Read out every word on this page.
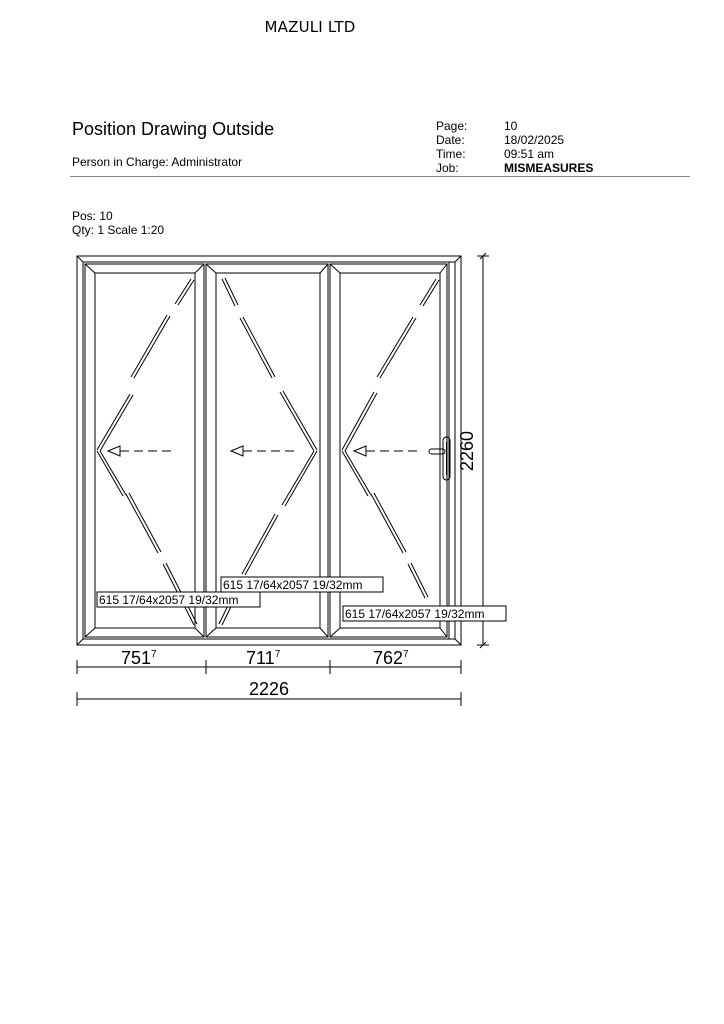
MAZULI LTD
Position Drawing Outside
Person in Charge: Administrator
Page:
Date:
Time:
Job:
10
18/02/2025
09:51 am
MISMEASURES
Pos: 10
Qty: 1 Scale 1:20
615 17/64x2057 19/32mm
615 17/64x2057 19/32mm
615 17/64x2057 19/32mm
2260
$751^7$	$711^7$	$762^7$
2226
